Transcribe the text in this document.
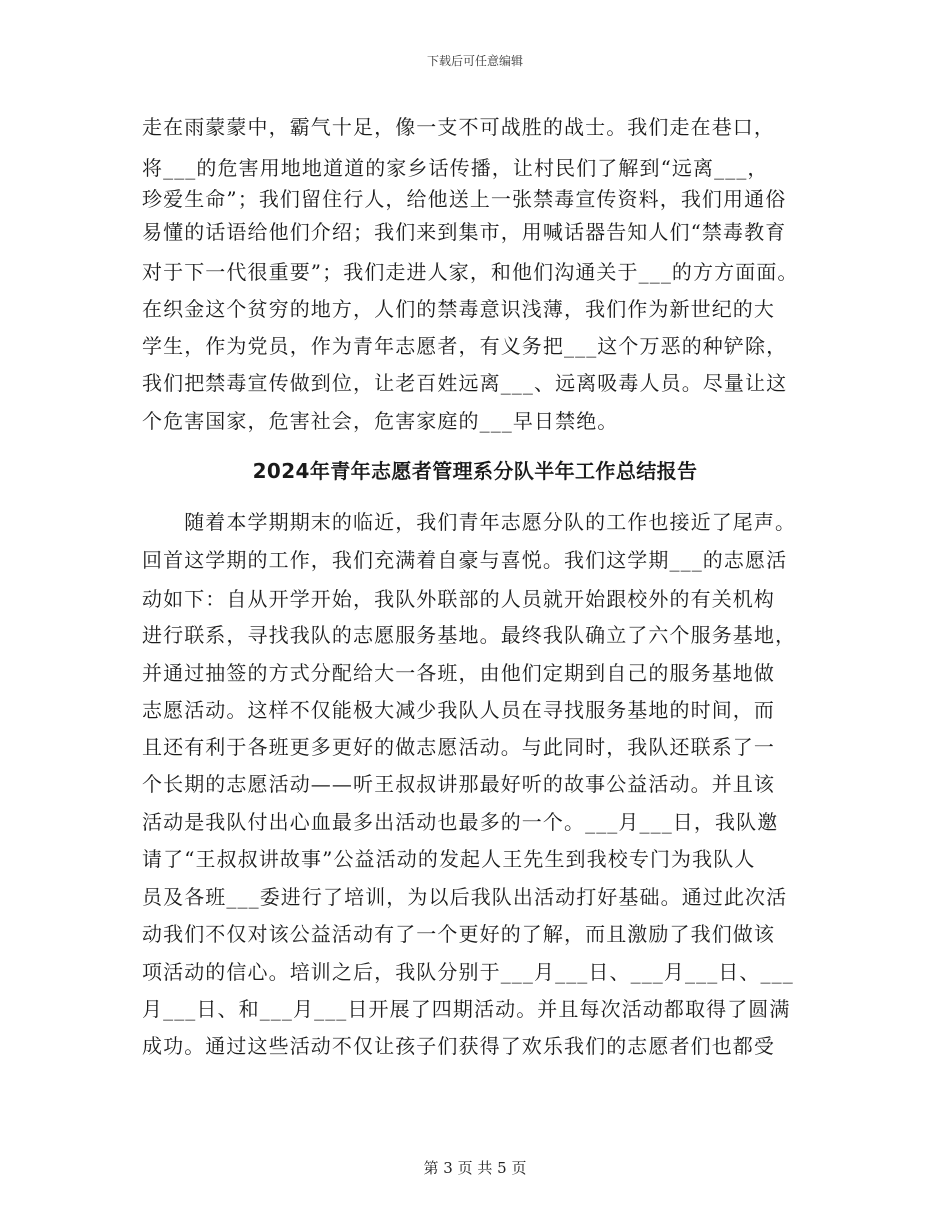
下载后可任意编辑
走在雨蒙蒙中，霸气十足，像一支不可战胜的战士。我们走在巷口，
将___的危害用地地道道的家乡话传播，让村民们了解到“远离___，
珍爱生命”；我们留住行人，给他送上一张禁毒宣传资料，我们用通俗
易懂的话语给他们介绍；我们来到集市，用喊话器告知人们“禁毒教育
对于下一代很重要”；我们走进人家，和他们沟通关于___的方方面面。
在织金这个贫穷的地方，人们的禁毒意识浅薄，我们作为新世纪的大
学生，作为党员，作为青年志愿者，有义务把___这个万恶的种铲除，
我们把禁毒宣传做到位，让老百姓远离___、远离吸毒人员。尽量让这
个危害国家，危害社会，危害家庭的___早日禁绝。
2024年青年志愿者管理系分队半年工作总结报告
　　随着本学期期末的临近，我们青年志愿分队的工作也接近了尾声。
回首这学期的工作，我们充满着自豪与喜悦。我们这学期___的志愿活
动如下：自从开学开始，我队外联部的人员就开始跟校外的有关机构
进行联系，寻找我队的志愿服务基地。最终我队确立了六个服务基地，
并通过抽签的方式分配给大一各班，由他们定期到自己的服务基地做
志愿活动。这样不仅能极大减少我队人员在寻找服务基地的时间，而
且还有利于各班更多更好的做志愿活动。与此同时，我队还联系了一
个长期的志愿活动——听王叔叔讲那最好听的故事公益活动。并且该
活动是我队付出心血最多出活动也最多的一个。___月___日，我队邀
请了“王叔叔讲故事”公益活动的发起人王先生到我校专门为我队人
员及各班___委进行了培训，为以后我队出活动打好基础。通过此次活
动我们不仅对该公益活动有了一个更好的了解，而且激励了我们做该
项活动的信心。培训之后，我队分别于___月___日、___月___日、___
月___日、和___月___日开展了四期活动。并且每次活动都取得了圆满
成功。通过这些活动不仅让孩子们获得了欢乐我们的志愿者们也都受
第 3 页 共 5 页
